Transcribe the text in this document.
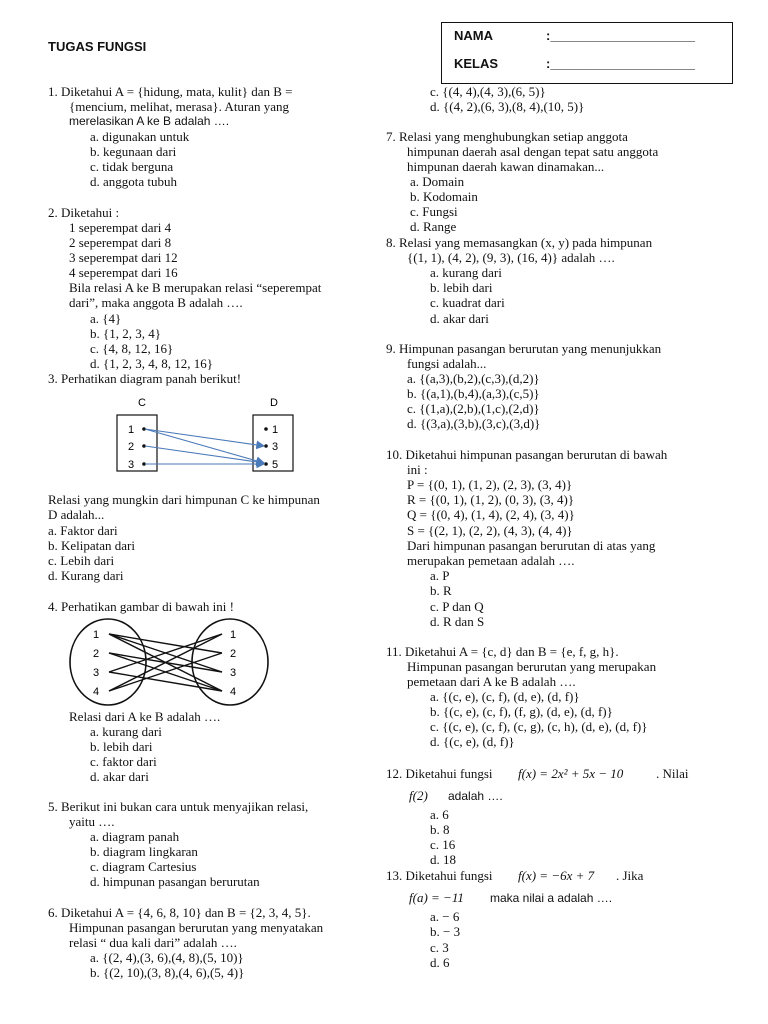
TUGAS FUNGSI
NAMA	:____________________
KELAS	:____________________
1. Diketahui A = {hidung, mata, kulit} dan B =
{mencium, melihat, merasa}. Aturan yang
merelasikan A ke B adalah ….
a. digunakan untuk
b. kegunaan dari
c. tidak berguna
d. anggota tubuh
2. Diketahui :
1 seperempat dari 4
2 seperempat dari 8
3 seperempat dari 12
4 seperempat dari 16
Bila relasi A ke B merupakan relasi “seperempat
dari”, maka anggota B adalah ….
a. {4}
b. {1, 2, 3, 4}
c. {4, 8, 12, 16}
d. {1, 2, 3, 4, 8, 12, 16}
3. Perhatikan diagram panah berikut!
C	D
1
2
3
1
3
5
Relasi yang mungkin dari himpunan C ke himpunan
D adalah...
a. Faktor dari
b. Kelipatan dari
c. Lebih dari
d. Kurang dari
4. Perhatikan gambar di bawah ini !
1
2
3
4
1
2
3
4
Relasi dari A ke B adalah ….
a. kurang dari
b. lebih dari
c. faktor dari
d. akar dari
5. Berikut ini bukan cara untuk menyajikan relasi,
yaitu ….
a. diagram panah
b. diagram lingkaran
c. diagram Cartesius
d. himpunan pasangan berurutan
6. Diketahui A = {4, 6, 8, 10} dan B = {2, 3, 4, 5}.
Himpunan pasangan berurutan yang menyatakan
relasi “ dua kali dari” adalah ….
a. {(2, 4),(3, 6),(4, 8),(5, 10)}
b. {(2, 10),(3, 8),(4, 6),(5, 4)}
c. {(4, 4),(4, 3),(6, 5)}
d. {(4, 2),(6, 3),(8, 4),(10, 5)}
7. Relasi yang menghubungkan setiap anggota
himpunan daerah asal dengan tepat satu anggota
himpunan daerah kawan dinamakan...
a. Domain
b. Kodomain
c. Fungsi
d. Range
8. Relasi yang memasangkan (x, y) pada himpunan
{(1, 1), (4, 2), (9, 3), (16, 4)} adalah ….
a. kurang dari
b. lebih dari
c. kuadrat dari
d. akar dari
9. Himpunan pasangan berurutan yang menunjukkan
fungsi adalah...
a. {(a,3),(b,2),(c,3),(d,2)}
b. {(a,1),(b,4),(a,3),(c,5)}
c. {(1,a),(2,b),(1,c),(2,d)}
d. {(3,a),(3,b),(3,c),(3,d)}
10. Diketahui himpunan pasangan berurutan di bawah
ini :
P = {(0, 1), (1, 2), (2, 3), (3, 4)}
R = {(0, 1), (1, 2), (0, 3), (3, 4)}
Q = {(0, 4), (1, 4), (2, 4), (3, 4)}
S = {(2, 1), (2, 2), (4, 3), (4, 4)}
Dari himpunan pasangan berurutan di atas yang
merupakan pemetaan adalah ….
a. P
b. R
c. P dan Q
d. R dan S
11. Diketahui A = {c, d} dan B = {e, f, g, h}.
Himpunan pasangan berurutan yang merupakan
pemetaan dari A ke B adalah ….
a. {(c, e), (c, f), (d, e), (d, f)}
b. {(c, e), (c, f), (f, g), (d, e), (d, f)}
c. {(c, e), (c, f), (c, g), (c, h), (d, e), (d, f)}
d. {(c, e), (d, f)}
12. Diketahui fungsi f(x) = 2x² + 5x − 10	. Nilai
f(2) adalah ….
a. 6
b. 8
c. 16
d. 18
13. Diketahui fungsi f(x) = −6x + 7 . Jika
f(a) = −11 maka nilai a adalah ….
a. − 6
b. − 3
c. 3
d. 6
